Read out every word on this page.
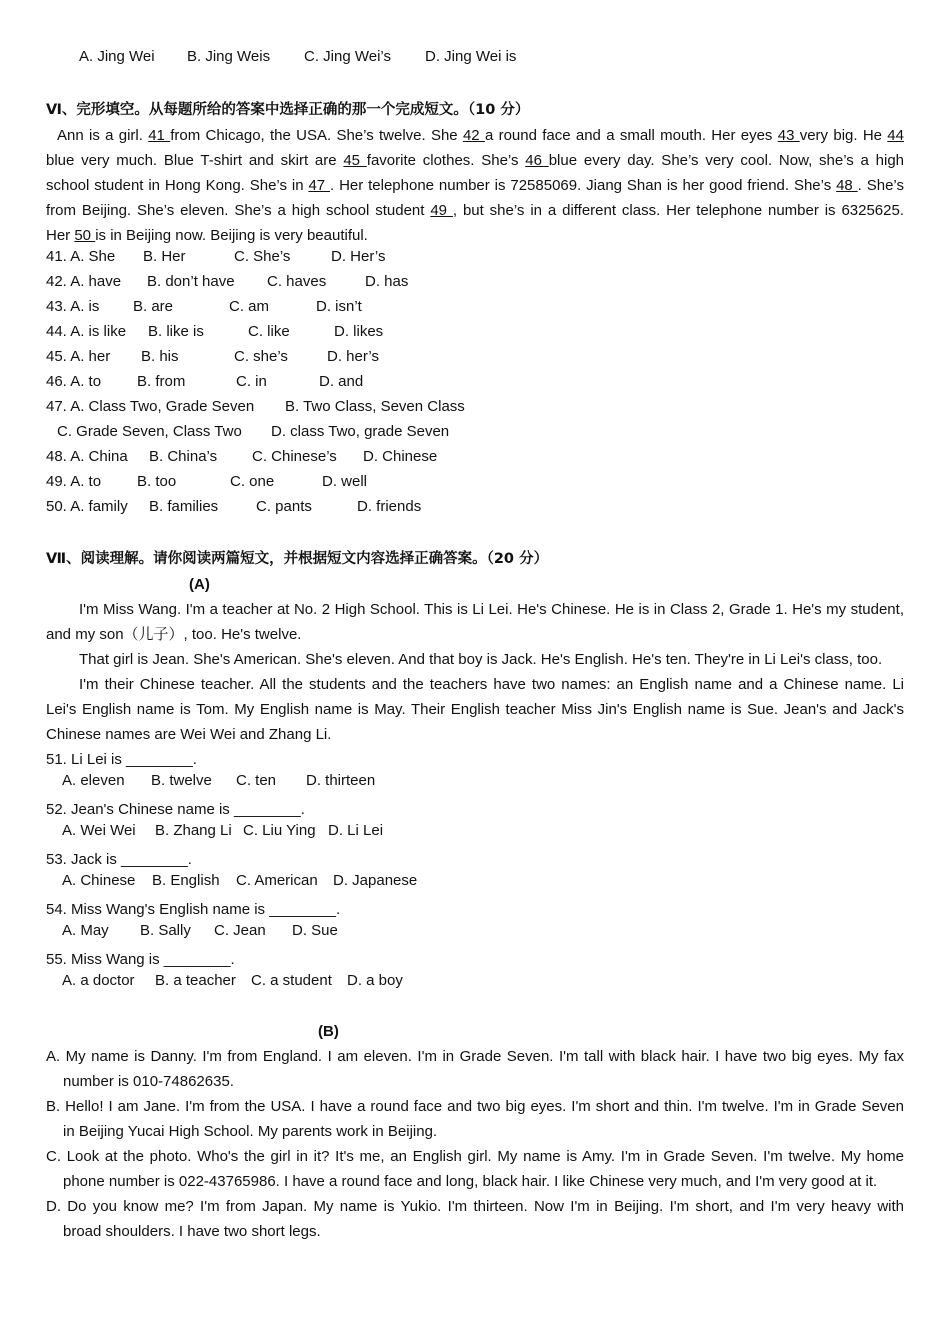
A. Jing Wei B. Jing Weis C. Jing Wei’s D. Jing Wei is
Ⅵ、完形填空。从每题所给的答案中选择正确的那一个完成短文。（10 分）
Ann is a girl. 41 from Chicago, the USA. She’s twelve. She 42 a round face and a small mouth. Her eyes 43 very big. He 44
blue very much. Blue T-shirt and skirt are 45 favorite clothes. She’s 46 blue every day. She’s very cool. Now, she’s a high
school student in Hong Kong. She’s in 47 . Her telephone number is 72585069. Jiang Shan is her good friend. She’s 48 . She’s
from Beijing. She’s eleven. She’s a high school student 49 , but she’s in a different class. Her telephone number is 6325625.
Her 50 is in Beijing now. Beijing is very beautiful.
41. A. She B. Her	C. She’s	D. Her’s
42. A. have B. don’t have C. haves	D. has
43. A. is B. are	C. am	D. isn’t
44. A. is like B. like is	C. like	D. likes
45. A. her B. his	C. she’s	D. her’s
46. A. to B. from	C. in	D. and
47. A. Class Two, Grade Seven B. Two Class, Seven Class
C. Grade Seven, Class Two D. class Two, grade Seven
48. A. China B. China’s C. Chinese’s D. Chinese
49. A. to B. too	C. one	D. well
50. A. family B. families	C. pants	D. friends
Ⅶ、阅读理解。请你阅读两篇短文，并根据短文内容选择正确答案。（20 分）
(A)
I'm Miss Wang. I'm a teacher at No. 2 High School. This is Li Lei. He's Chinese. He is in Class 2, Grade 1. He's my student,
and my son（儿子）, too. He's twelve.
That girl is Jean. She's American. She's eleven. And that boy is Jack. He's English. He's ten. They're in Li Lei's class, too.
I'm their Chinese teacher. All the students and the teachers have two names: an English name and a Chinese name. Li
Lei's English name is Tom. My English name is May. Their English teacher Miss Jin's English name is Sue. Jean's and Jack's
Chinese names are Wei Wei and Zhang Li.
51. Li Lei is ________.
A. eleven B. twelve C. ten D. thirteen
52. Jean's Chinese name is ________.
A. Wei Wei B. Zhang Li C. Liu Ying D. Li Lei
53. Jack is ________.
A. Chinese B. English C. American D. Japanese
54. Miss Wang's English name is ________.
A. May B. Sally C. Jean D. Sue
55. Miss Wang is ________.
A. a doctor B. a teacher C. a student D. a boy
(B)
A. My name is Danny. I'm from England. I am eleven. I'm in Grade Seven. I'm tall with black hair. I have two big eyes. My fax
number is 010-74862635.
B. Hello! I am Jane. I'm from the USA. I have a round face and two big eyes. I'm short and thin. I'm twelve. I'm in Grade Seven
in Beijing Yucai High School. My parents work in Beijing.
C. Look at the photo. Who's the girl in it? It's me, an English girl. My name is Amy. I'm in Grade Seven. I'm twelve. My home
phone number is 022-43765986. I have a round face and long, black hair. I like Chinese very much, and I'm very good at it.
D. Do you know me? I'm from Japan. My name is Yukio. I'm thirteen. Now I'm in Beijing. I'm short, and I'm very heavy with
broad shoulders. I have two short legs.
